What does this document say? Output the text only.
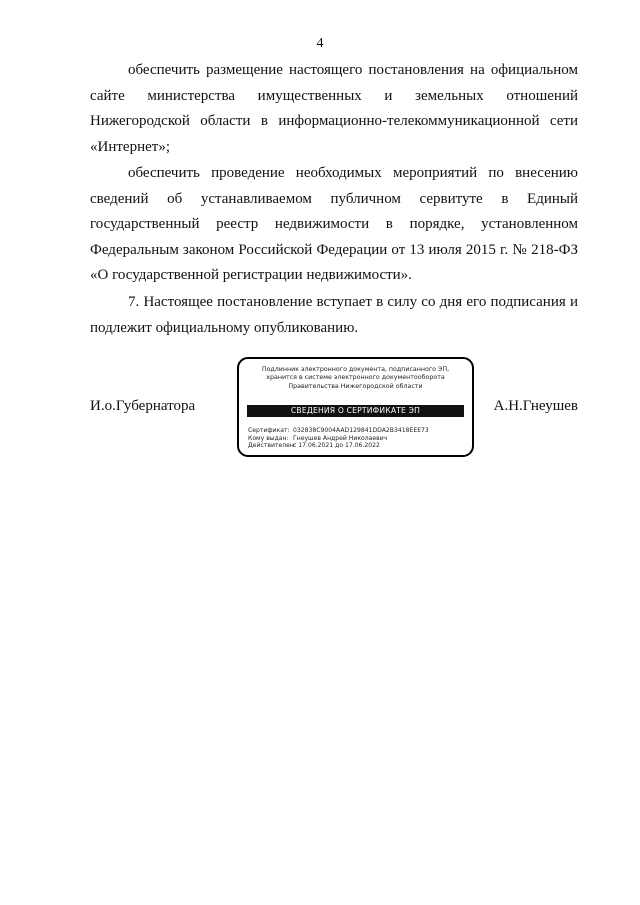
4

обеспечить размещение настоящего постановления на официальном сайте министерства имущественных и земельных отношений Нижегородской области в информационно-телекоммуникационной сети «Интернет»;

обеспечить проведение необходимых мероприятий по внесению сведений об устанавливаемом публичном сервитуте в Единый государственный реестр недвижимости в порядке, установленном Федеральным законом Российской Федерации от 13 июля 2015 г. № 218-ФЗ «О государственной регистрации недвижимости».

7. Настоящее постановление вступает в силу со дня его подписания и подлежит официальному опубликованию.

И.о.Губернатора	А.Н.Гнеушев
Подлинник электронного документа, подписанного ЭП,
хранится в системе электронного документооборота
Правительства Нижегородской области
СВЕДЕНИЯ О СЕРТИФИКАТЕ ЭП
Сертификат: 032838C9004AAD129841DDA2B3418EEE73
Кому выдан: Гнеушев Андрей Николаевич
Действителен:с 17.06.2021 до 17.06.2022
